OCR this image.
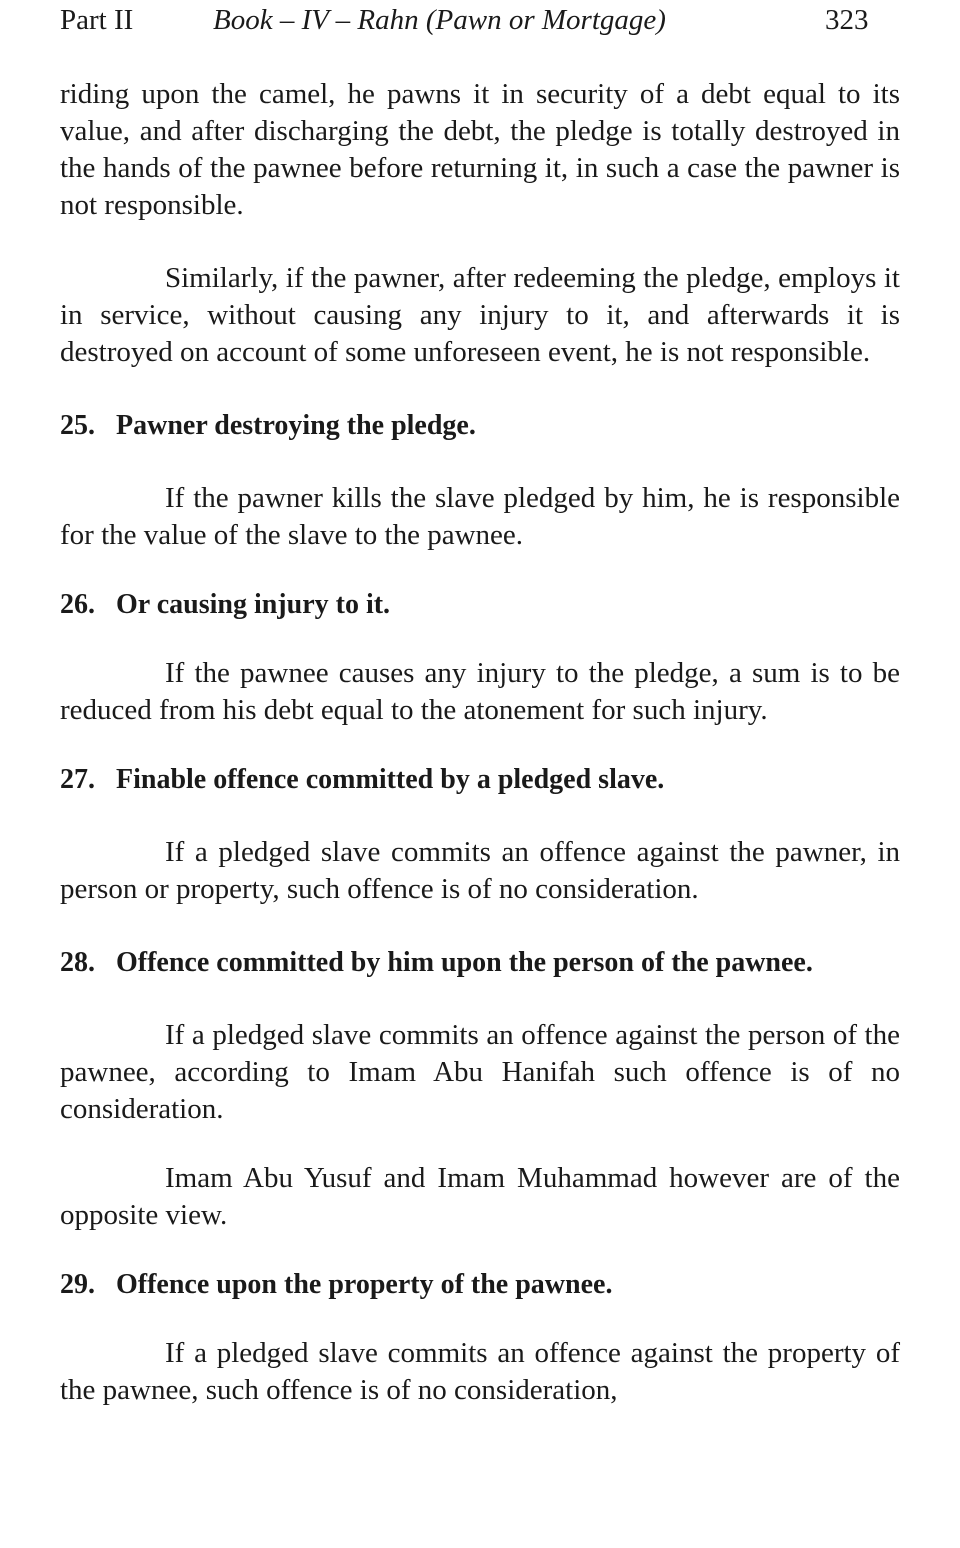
Part II	Book – IV – Rahn (Pawn or Mortgage)	323

riding upon the camel, he pawns it in security of a debt equal to its value, and after discharging the debt, the pledge is totally destroyed in the hands of the pawnee before returning it, in such a case the pawner is not responsible.

Similarly, if the pawner, after redeeming the pledge, employs it in service, without causing any injury to it, and afterwards it is destroyed on account of some unforeseen event, he is not responsible.

25. Pawner destroying the pledge.

If the pawner kills the slave pledged by him, he is responsible for the value of the slave to the pawnee.

26. Or causing injury to it.

If the pawnee causes any injury to the pledge, a sum is to be reduced from his debt equal to the atonement for such injury.

27. Finable offence committed by a pledged slave.

If a pledged slave commits an offence against the pawner, in person or property, such offence is of no consideration.

28. Offence committed by him upon the person of the pawnee.

If a pledged slave commits an offence against the person of the pawnee, according to Imam Abu Hanifah such offence is of no consideration.

Imam Abu Yusuf and Imam Muhammad however are of the opposite view.

29. Offence upon the property of the pawnee.

If a pledged slave commits an offence against the property of the pawnee, such offence is of no consideration,
